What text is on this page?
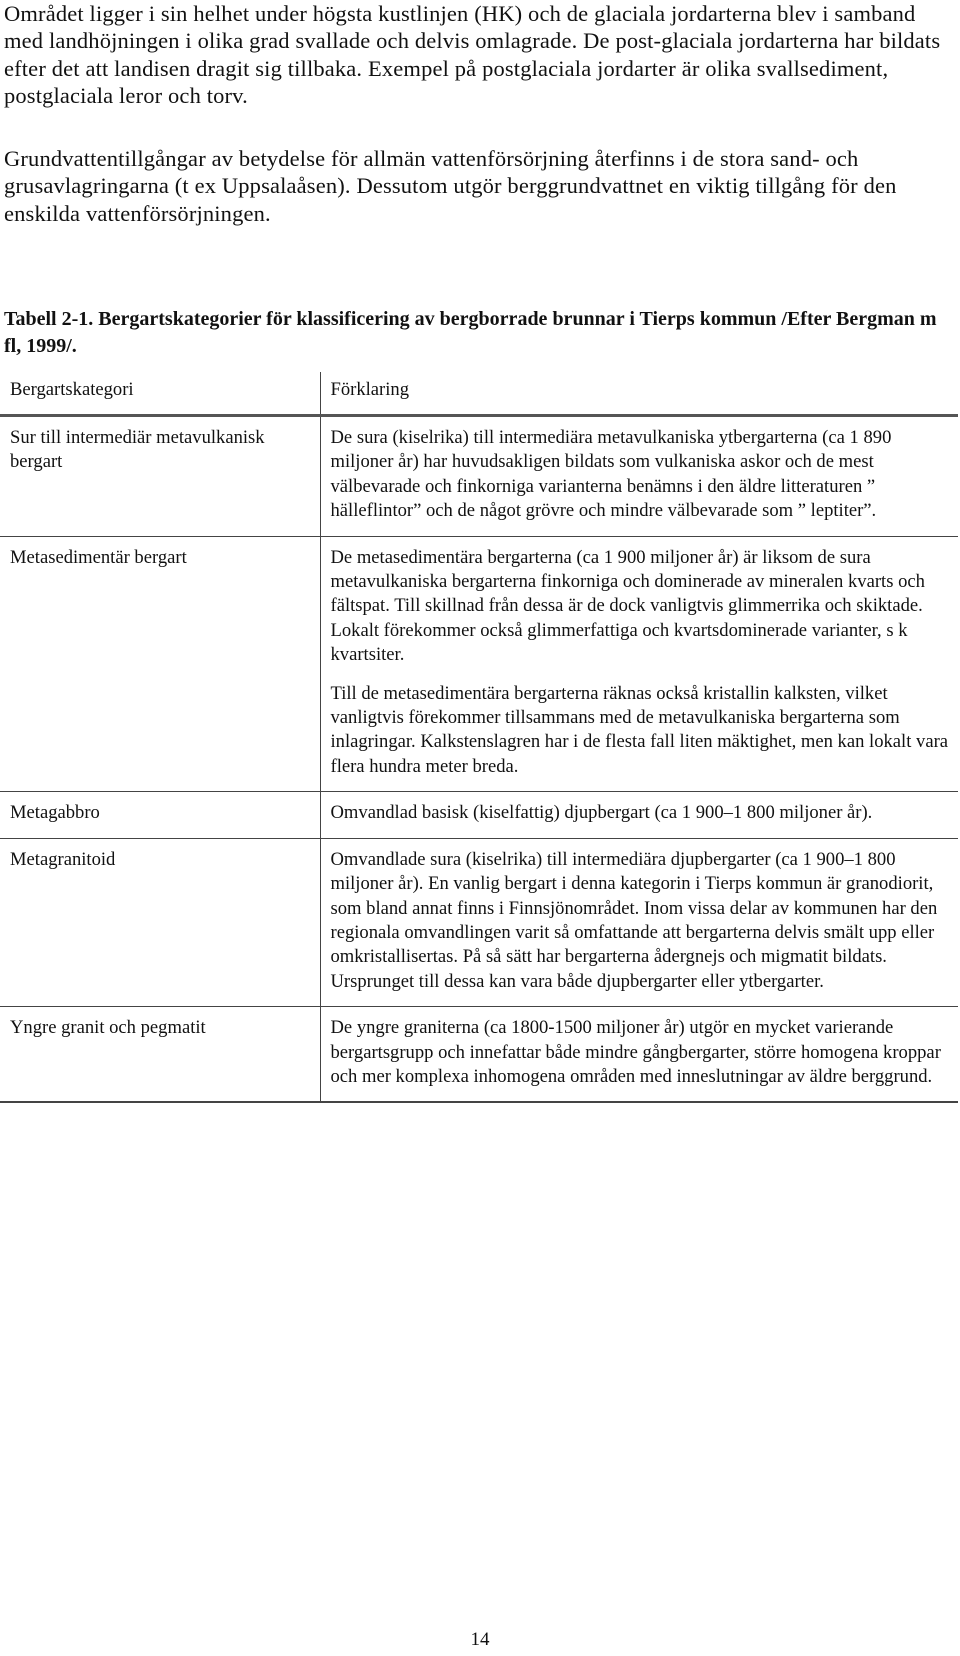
Området ligger i sin helhet under högsta kustlinjen (HK) och de glaciala jordarterna blev i samband med landhöjningen i olika grad svallade och delvis omlagrade. De post-glaciala jordarterna har bildats efter det att landisen dragit sig tillbaka. Exempel på postglaciala jordarter är olika svallsediment, postglaciala leror och torv.

Grundvattentillgångar av betydelse för allmän vattenförsörjning återfinns i de stora sand- och grusavlagringarna (t ex Uppsalaåsen). Dessutom utgör berggrundvattnet en viktig tillgång för den enskilda vattenförsörjningen.

Tabell 2-1. Bergartskategorier för klassificering av bergborrade brunnar i Tierps kommun /Efter Bergman m fl, 1999/.

Bergartskategori	Förklaring

Sur till intermediär metavulkanisk bergart	De sura (kiselrika) till intermediära metavulkaniska ytbergarterna (ca 1 890 miljoner år) har huvudsakligen bildats som vulkaniska askor och de mest välbevarade och finkorniga varianterna benämns i den äldre litteraturen ” hälleflintor” och de något grövre och mindre välbevarade som ” leptiter”.

Metasedimentär bergart	De metasedimentära bergarterna (ca 1 900 miljoner år) är liksom de sura metavulkaniska bergarterna finkorniga och dominerade av mineralen kvarts och fältspat. Till skillnad från dessa är de dock vanligtvis glimmerrika och skiktade. Lokalt förekommer också glimmerfattiga och kvartsdominerade varianter, s k kvartsiter.

	Till de metasedimentära bergarterna räknas också kristallin kalksten, vilket vanligtvis förekommer tillsammans med de metavulkaniska bergarterna som inlagringar. Kalkstenslagren har i de flesta fall liten mäktighet, men kan lokalt vara flera hundra meter breda.

Metagabbro	Omvandlad basisk (kiselfattig) djupbergart (ca 1 900–1 800 miljoner år).

Metagranitoid	Omvandlade sura (kiselrika) till intermediära djupbergarter (ca 1 900–1 800 miljoner år). En vanlig bergart i denna kategorin i Tierps kommun är granodiorit, som bland annat finns i Finnsjönområdet. Inom vissa delar av kommunen har den regionala omvandlingen varit så omfattande att bergarterna delvis smält upp eller omkristallisertas. På så sätt har bergarterna ådergnejs och migmatit bildats. Ursprunget till dessa kan vara både djupbergarter eller ytbergarter.

Yngre granit och pegmatit	De yngre graniterna (ca 1800-1500 miljoner år) utgör en mycket varierande bergartsgrupp och innefattar både mindre gångbergarter, större homogena kroppar och mer komplexa inhomogena områden med inneslutningar av äldre berggrund.
14
